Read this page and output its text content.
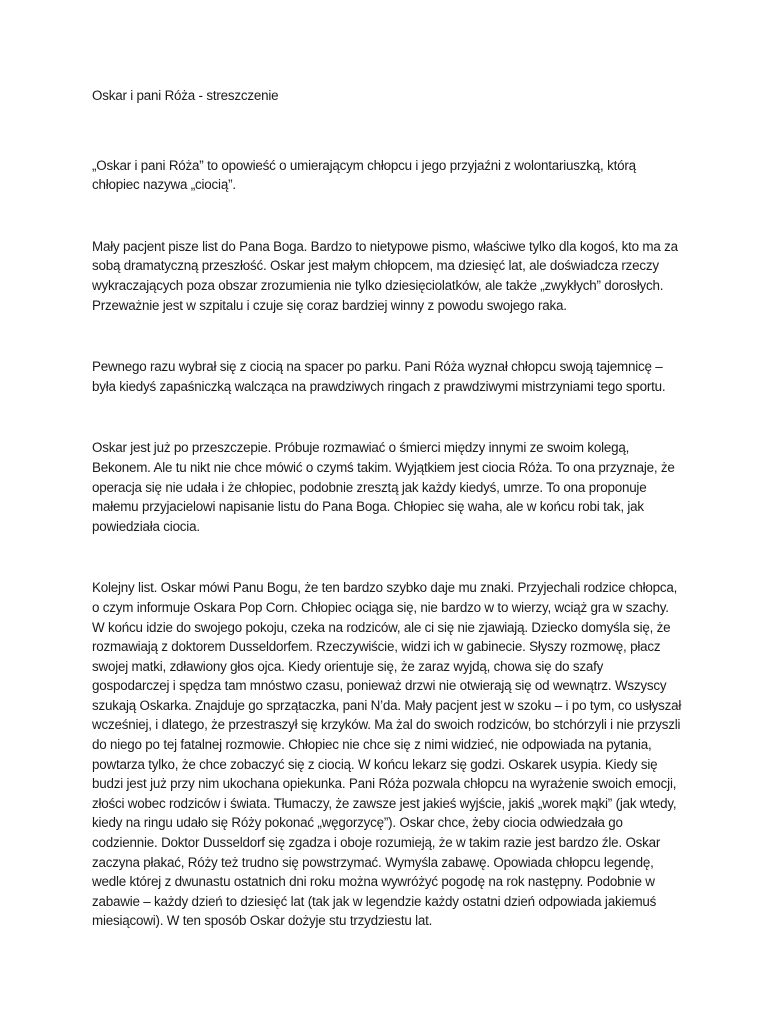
Oskar i pani Róża - streszczenie

„Oskar i pani Róża” to opowieść o umierającym chłopcu i jego przyjaźni z wolontariuszką, którą chłopiec nazywa „ciocią”.

Mały pacjent pisze list do Pana Boga. Bardzo to nietypowe pismo, właściwe tylko dla kogoś, kto ma za sobą dramatyczną przeszłość. Oskar jest małym chłopcem, ma dziesięć lat, ale doświadcza rzeczy wykraczających poza obszar zrozumienia nie tylko dziesięciolatków, ale także „zwykłych” dorosłych. Przeważnie jest w szpitalu i czuje się coraz bardziej winny z powodu swojego raka.

Pewnego razu wybrał się z ciocią na spacer po parku. Pani Róża wyznał chłopcu swoją tajemnicę – była kiedyś zapaśniczką walcząca na prawdziwych ringach z prawdziwymi mistrzyniami tego sportu.

Oskar jest już po przeszczepie. Próbuje rozmawiać o śmierci między innymi ze swoim kolegą, Bekonem. Ale tu nikt nie chce mówić o czymś takim. Wyjątkiem jest ciocia Róża. To ona przyznaje, że operacja się nie udała i że chłopiec, podobnie zresztą jak każdy kiedyś, umrze. To ona proponuje małemu przyjacielowi napisanie listu do Pana Boga. Chłopiec się waha, ale w końcu robi tak, jak powiedziała ciocia.

Kolejny list. Oskar mówi Panu Bogu, że ten bardzo szybko daje mu znaki. Przyjechali rodzice chłopca, o czym informuje Oskara Pop Corn. Chłopiec ociąga się, nie bardzo w to wierzy, wciąż gra w szachy. W końcu idzie do swojego pokoju, czeka na rodziców, ale ci się nie zjawiają. Dziecko domyśla się, że rozmawiają z doktorem Dusseldorfem. Rzeczywiście, widzi ich w gabinecie. Słyszy rozmowę, płacz swojej matki, zdławiony głos ojca. Kiedy orientuje się, że zaraz wyjdą, chowa się do szafy gospodarczej i spędza tam mnóstwo czasu, ponieważ drzwi nie otwierają się od wewnątrz. Wszyscy szukają Oskarka. Znajduje go sprzątaczka, pani N’da. Mały pacjent jest w szoku – i po tym, co usłyszał wcześniej, i dlatego, że przestraszył się krzyków. Ma żal do swoich rodziców, bo stchórzyli i nie przyszli do niego po tej fatalnej rozmowie. Chłopiec nie chce się z nimi widzieć, nie odpowiada na pytania, powtarza tylko, że chce zobaczyć się z ciocią. W końcu lekarz się godzi. Oskarek usypia. Kiedy się budzi jest już przy nim ukochana opiekunka. Pani Róża pozwala chłopcu na wyrażenie swoich emocji, złości wobec rodziców i świata. Tłumaczy, że zawsze jest jakieś wyjście, jakiś „worek mąki” (jak wtedy, kiedy na ringu udało się Róży pokonać „węgorzycę”). Oskar chce, żeby ciocia odwiedzała go codziennie. Doktor Dusseldorf się zgadza i oboje rozumieją, że w takim razie jest bardzo źle. Oskar zaczyna płakać, Róży też trudno się powstrzymać. Wymyśla zabawę. Opowiada chłopcu legendę, wedle której z dwunastu ostatnich dni roku można wywróżyć pogodę na rok następny. Podobnie w zabawie – każdy dzień to dziesięć lat (tak jak w legendzie każdy ostatni dzień odpowiada jakiemuś miesiącowi). W ten sposób Oskar dożyje stu trzydziestu lat.
